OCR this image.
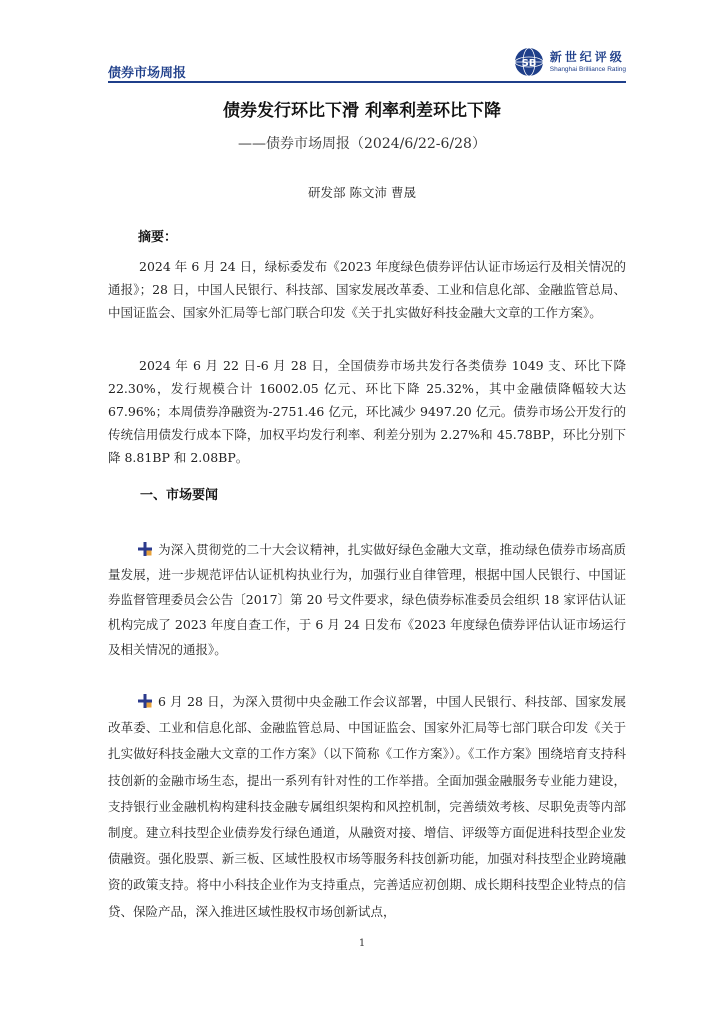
债券市场周报
SB 新世纪评级
Shanghai Brilliance Rating
债券发行环比下滑 利率利差环比下降
——债券市场周报（2024/6/22-6/28）
研发部 陈文沛 曹晟
摘要：

2024 年 6 月 24 日，绿标委发布《2023 年度绿色债券评估认证市场运行及相关情况的通报》；28 日，中国人民银行、科技部、国家发展改革委、工业和信息化部、金融监管总局、中国证监会、国家外汇局等七部门联合印发《关于扎实做好科技金融大文章的工作方案》。

2024 年 6 月 22 日-6 月 28 日，全国债券市场共发行各类债券 1049 支、环比下降 22.30%，发行规模合计 16002.05 亿元、环比下降 25.32%，其中金融债降幅较大达 67.96%；本周债券净融资为-2751.46 亿元，环比减少 9497.20 亿元。债券市场公开发行的传统信用债发行成本下降，加权平均发行利率、利差分别为 2.27%和 45.78BP，环比分别下降 8.81BP 和 2.08BP。

一、市场要闻

为深入贯彻党的二十大会议精神，扎实做好绿色金融大文章，推动绿色债券市场高质量发展，进一步规范评估认证机构执业行为，加强行业自律管理，根据中国人民银行、中国证券监督管理委员会公告〔2017〕第 20 号文件要求，绿色债券标准委员会组织 18 家评估认证机构完成了 2023 年度自查工作，于 6 月 24 日发布《2023 年度绿色债券评估认证市场运行及相关情况的通报》。

6 月 28 日，为深入贯彻中央金融工作会议部署，中国人民银行、科技部、国家发展改革委、工业和信息化部、金融监管总局、中国证监会、国家外汇局等七部门联合印发《关于扎实做好科技金融大文章的工作方案》（以下简称《工作方案》）。《工作方案》围绕培育支持科技创新的金融市场生态，提出一系列有针对性的工作举措。全面加强金融服务专业能力建设，支持银行业金融机构构建科技金融专属组织架构和风控机制，完善绩效考核、尽职免责等内部制度。建立科技型企业债券发行绿色通道，从融资对接、增信、评级等方面促进科技型企业发债融资。强化股票、新三板、区域性股权市场等服务科技创新功能，加强对科技型企业跨境融资的政策支持。将中小科技企业作为支持重点，完善适应初创期、成长期科技型企业特点的信贷、保险产品，深入推进区域性股权市场创新试点，

1
